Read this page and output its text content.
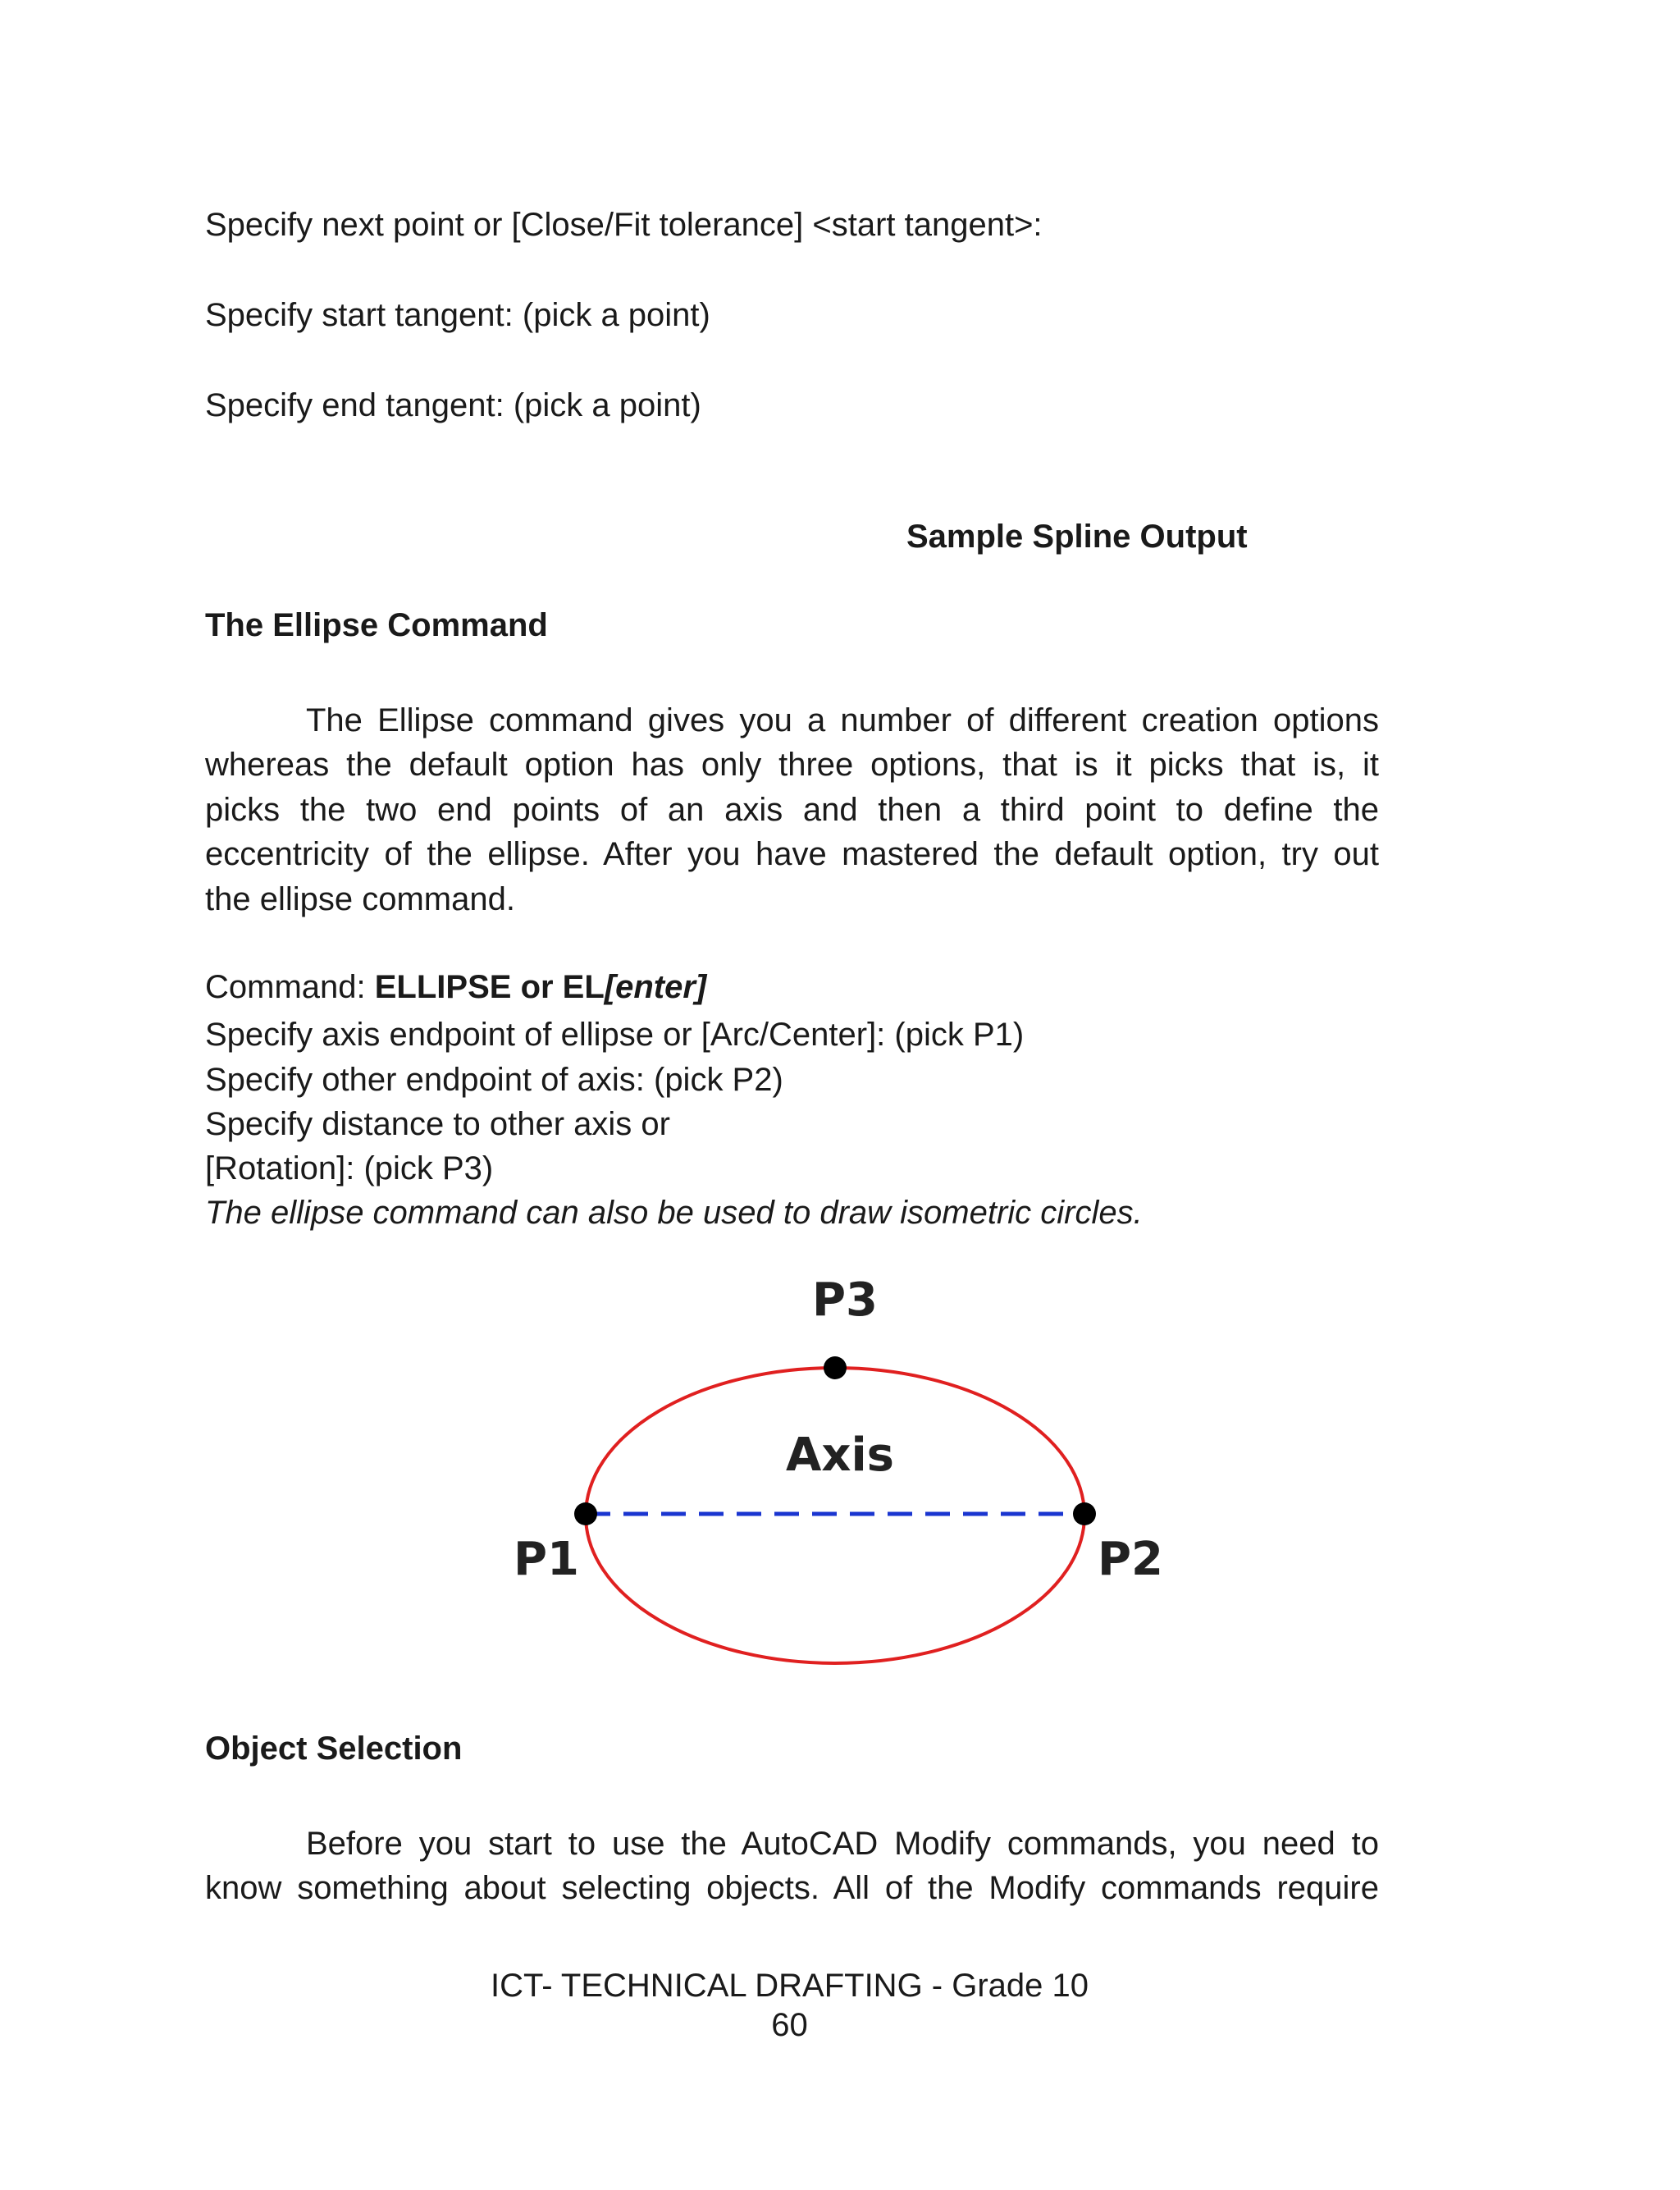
Specify next point or [Close/Fit tolerance] <start tangent>:
Specify start tangent: (pick a point)
Specify end tangent: (pick a point)
Sample Spline Output
The Ellipse Command
The Ellipse command gives you a number of different creation options
whereas the default option has only three options, that is it picks that is, it
picks the two end points of an axis and then a third point to define the
eccentricity of the ellipse. After you have mastered the default option, try out
the ellipse command.
Command: ELLIPSE or EL[enter]
Specify axis endpoint of ellipse or [Arc/Center]: (pick P1)
Specify other endpoint of axis: (pick P2)
Specify distance to other axis or
[Rotation]: (pick P3)
The ellipse command can also be used to draw isometric circles.
P3
Axis
P1	P2
Object Selection
Before you start to use the AutoCAD Modify commands, you need to
know something about selecting objects. All of the Modify commands require
ICT- TECHNICAL DRAFTING - Grade 10
60
